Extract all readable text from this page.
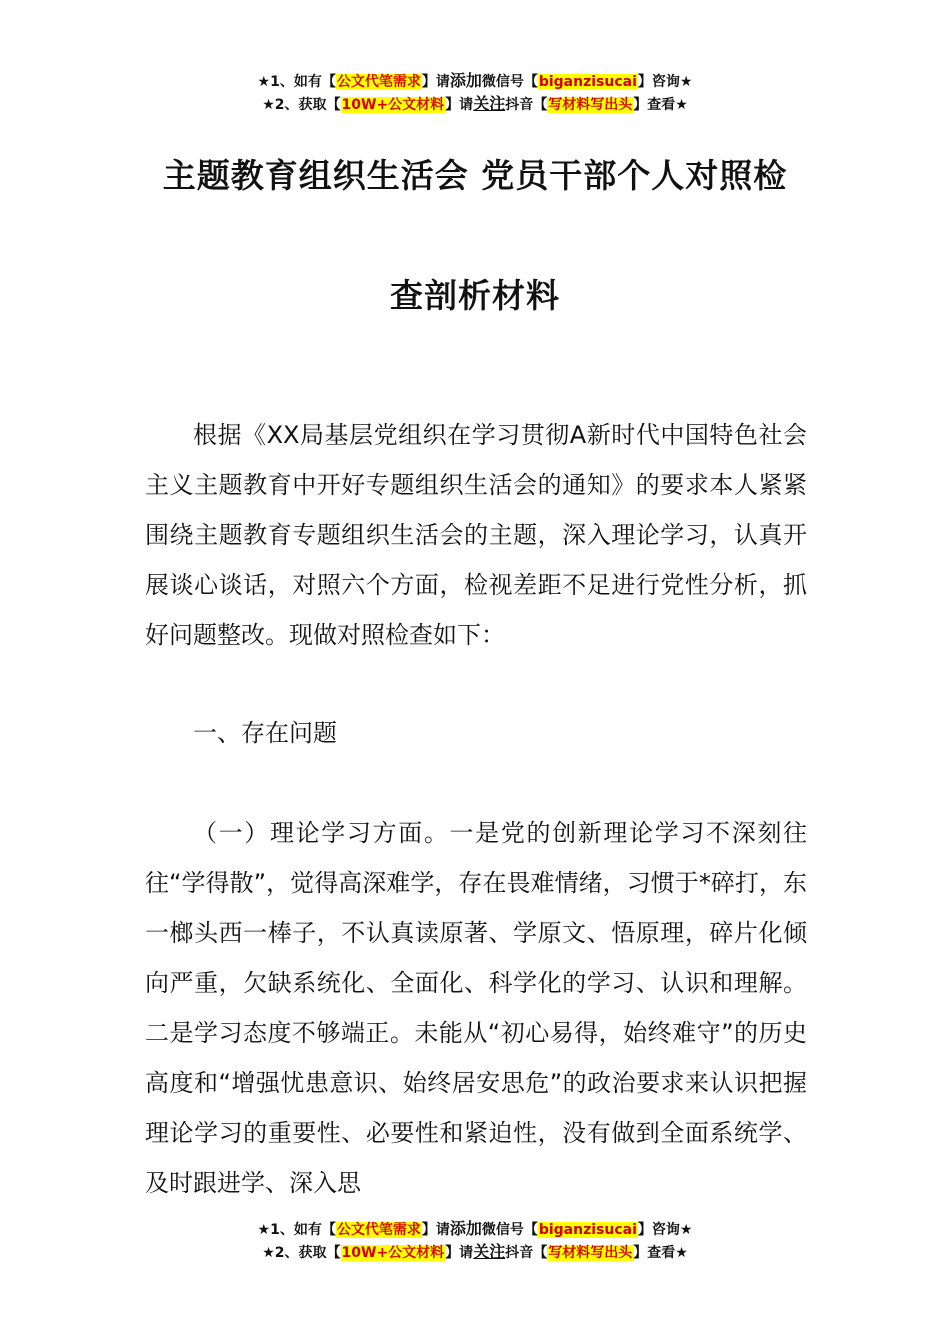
★1、如有【公文代笔需求】请添加微信号【biganzisucai】咨询★
★2、获取【10W+公文材料】请关注抖音【写材料写出头】查看★
主题教育组织生活会 党员干部个人对照检
查剖析材料

根据《XX局基层党组织在学习贯彻A新时代中国特色社会主义主题教育中开好专题组织生活会的通知》的要求本人紧紧围绕主题教育专题组织生活会的主题，深入理论学习，认真开展谈心谈话，对照六个方面，检视差距不足进行党性分析，抓好问题整改。现做对照检查如下：

一、存在问题

（一）理论学习方面。一是党的创新理论学习不深刻往往“学得散”，觉得高深难学，存在畏难情绪，习惯于*碎打，东一榔头西一棒子，不认真读原著、学原文、悟原理，碎片化倾向严重，欠缺系统化、全面化、科学化的学习、认识和理解。二是学习态度不够端正。未能从“初心易得，始终难守”的历史高度和“增强忧患意识、始终居安思危”的政治要求来认识把握理论学习的重要性、必要性和紧迫性，没有做到全面系统学、及时跟进学、深入思

★1、如有【公文代笔需求】请添加微信号【biganzisucai】咨询★
★2、获取【10W+公文材料】请关注抖音【写材料写出头】查看★
